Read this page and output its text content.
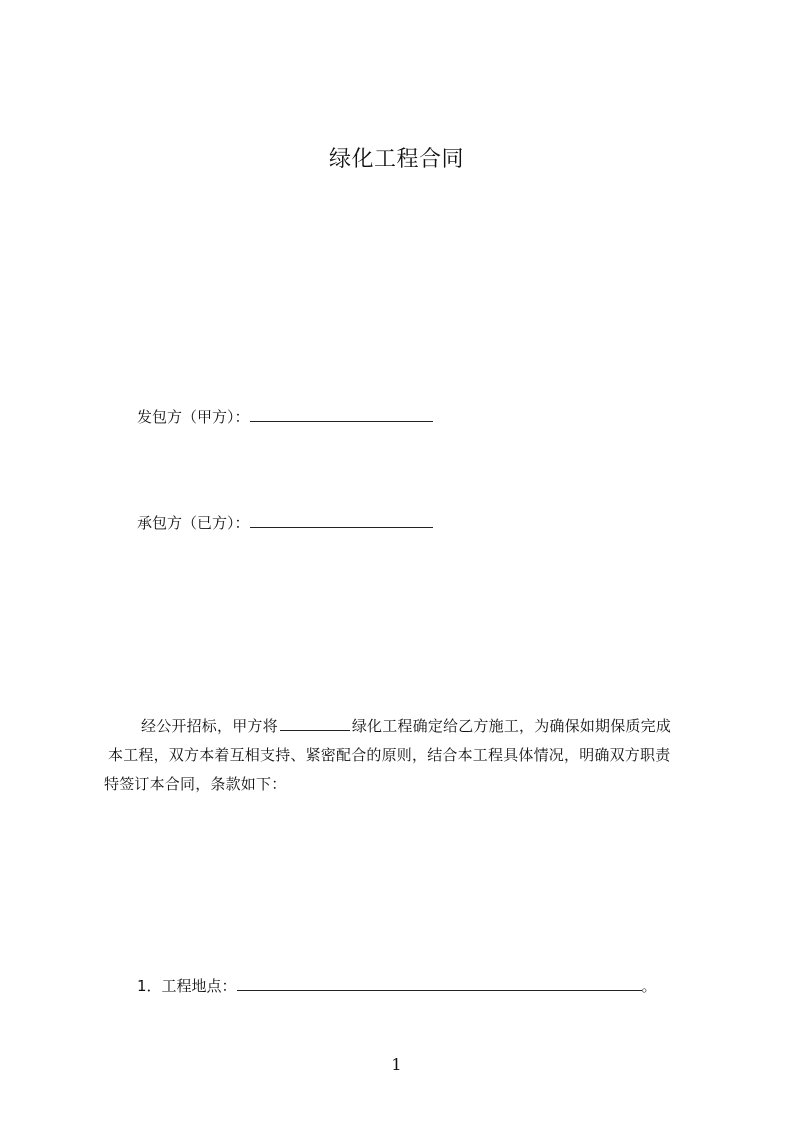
绿化工程合同
发包方（甲方）：
承包方（已方）：
经公开招标，甲方将	绿化工程确定给乙方施工，为确保如期保质完成
本工程，双方本着互相支持、紧密配合的原则，结合本工程具体情况，明确双方职责
特签订本合同，条款如下：
1．工程地点：	。
1
